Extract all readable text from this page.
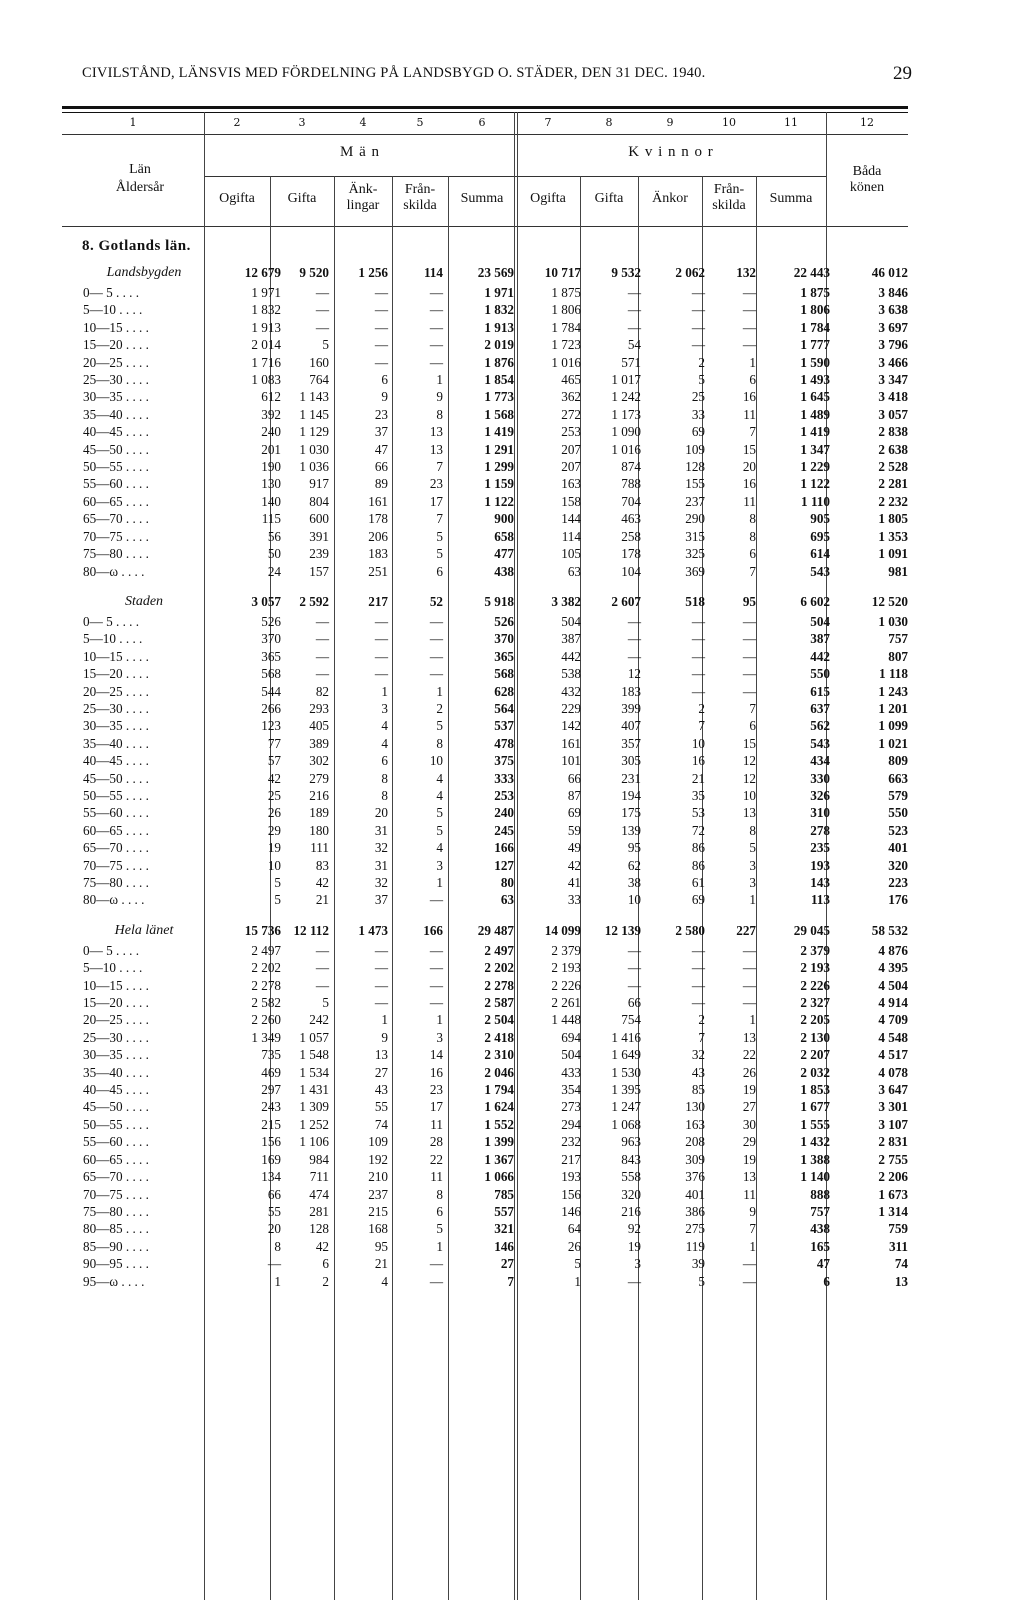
CIVILSTÅND, LÄNSVIS MED FÖRDELNING PÅ LANDSBYGD O. STÄDER, DEN 31 DEC. 1940.	29
1	2	3	4	5	6	7	8	9	10	11	12
Län
Åldersår
M ä n	K v i n n o r
Ogifta	Gifta
Änk-
lingar
Från-
skilda	Summa	Ogifta	Gifta	Änkor
Från-
skilda	Summa
Båda
könen
8. Gotlands län.
Landsbygden	12 679	9 520	1 256	114	23 569	10 717	9 532	2 062	132	22 443	46 012
0— 5 . . . .	1 971	—	—	—	1 971	1 875	—	—	—	1 875	3 846
5—10 . . . .	1 832	—	—	—	1 832	1 806	—	—	—	1 806	3 638
10—15 . . . .	1 913	—	—	—	1 913	1 784	—	—	—	1 784	3 697
15—20 . . . .	2 014	5	—	—	2 019	1 723	54	—	—	1 777	3 796
20—25 . . . .	1 716	160	—	—	1 876	1 016	571	2	1	1 590	3 466
25—30 . . . .	1 083	764	6	1	1 854	465	1 017	5	6	1 493	3 347
30—35 . . . .	612	1 143	9	9	1 773	362	1 242	25	16	1 645	3 418
35—40 . . . .	392	1 145	23	8	1 568	272	1 173	33	11	1 489	3 057
40—45 . . . .	240	1 129	37	13	1 419	253	1 090	69	7	1 419	2 838
45—50 . . . .	201	1 030	47	13	1 291	207	1 016	109	15	1 347	2 638
50—55 . . . .	190	1 036	66	7	1 299	207	874	128	20	1 229	2 528
55—60 . . . .	130	917	89	23	1 159	163	788	155	16	1 122	2 281
60—65 . . . .	140	804	161	17	1 122	158	704	237	11	1 110	2 232
65—70 . . . .	115	600	178	7	900	144	463	290	8	905	1 805
70—75 . . . .	56	391	206	5	658	114	258	315	8	695	1 353
75—80 . . . .	50	239	183	5	477	105	178	325	6	614	1 091
80—ω . . . .	24	157	251	6	438	63	104	369	7	543	981

Staden	3 057	2 592	217	52	5 918	3 382	2 607	518	95	6 602	12 520
0— 5 . . . .	526	—	—	—	526	504	—	—	—	504	1 030
5—10 . . . .	370	—	—	—	370	387	—	—	—	387	757
10—15 . . . .	365	—	—	—	365	442	—	—	—	442	807
15—20 . . . .	568	—	—	—	568	538	12	—	—	550	1 118
20—25 . . . .	544	82	1	1	628	432	183	—	—	615	1 243
25—30 . . . .	266	293	3	2	564	229	399	2	7	637	1 201
30—35 . . . .	123	405	4	5	537	142	407	7	6	562	1 099
35—40 . . . .	77	389	4	8	478	161	357	10	15	543	1 021
40—45 . . . .	57	302	6	10	375	101	305	16	12	434	809
45—50 . . . .	42	279	8	4	333	66	231	21	12	330	663
50—55 . . . .	25	216	8	4	253	87	194	35	10	326	579
55—60 . . . .	26	189	20	5	240	69	175	53	13	310	550
60—65 . . . .	29	180	31	5	245	59	139	72	8	278	523
65—70 . . . .	19	111	32	4	166	49	95	86	5	235	401
70—75 . . . .	10	83	31	3	127	42	62	86	3	193	320
75—80 . . . .	5	42	32	1	80	41	38	61	3	143	223
80—ω . . . .	5	21	37	—	63	33	10	69	1	113	176

Hela länet	15 736	12 112	1 473	166	29 487	14 099	12 139	2 580	227	29 045	58 532
0— 5 . . . .	2 497	—	—	—	2 497	2 379	—	—	—	2 379	4 876
5—10 . . . .	2 202	—	—	—	2 202	2 193	—	—	—	2 193	4 395
10—15 . . . .	2 278	—	—	—	2 278	2 226	—	—	—	2 226	4 504
15—20 . . . .	2 582	5	—	—	2 587	2 261	66	—	—	2 327	4 914
20—25 . . . .	2 260	242	1	1	2 504	1 448	754	2	1	2 205	4 709
25—30 . . . .	1 349	1 057	9	3	2 418	694	1 416	7	13	2 130	4 548
30—35 . . . .	735	1 548	13	14	2 310	504	1 649	32	22	2 207	4 517
35—40 . . . .	469	1 534	27	16	2 046	433	1 530	43	26	2 032	4 078
40—45 . . . .	297	1 431	43	23	1 794	354	1 395	85	19	1 853	3 647
45—50 . . . .	243	1 309	55	17	1 624	273	1 247	130	27	1 677	3 301
50—55 . . . .	215	1 252	74	11	1 552	294	1 068	163	30	1 555	3 107
55—60 . . . .	156	1 106	109	28	1 399	232	963	208	29	1 432	2 831
60—65 . . . .	169	984	192	22	1 367	217	843	309	19	1 388	2 755
65—70 . . . .	134	711	210	11	1 066	193	558	376	13	1 140	2 206
70—75 . . . .	66	474	237	8	785	156	320	401	11	888	1 673
75—80 . . . .	55	281	215	6	557	146	216	386	9	757	1 314
80—85 . . . .	20	128	168	5	321	64	92	275	7	438	759
85—90 . . . .	8	42	95	1	146	26	19	119	1	165	311
90—95 . . . .	—	6	21	—	27	5	3	39	—	47	74
95—ω . . . .	1	2	4	—	7	1	—	5	—	6	13
